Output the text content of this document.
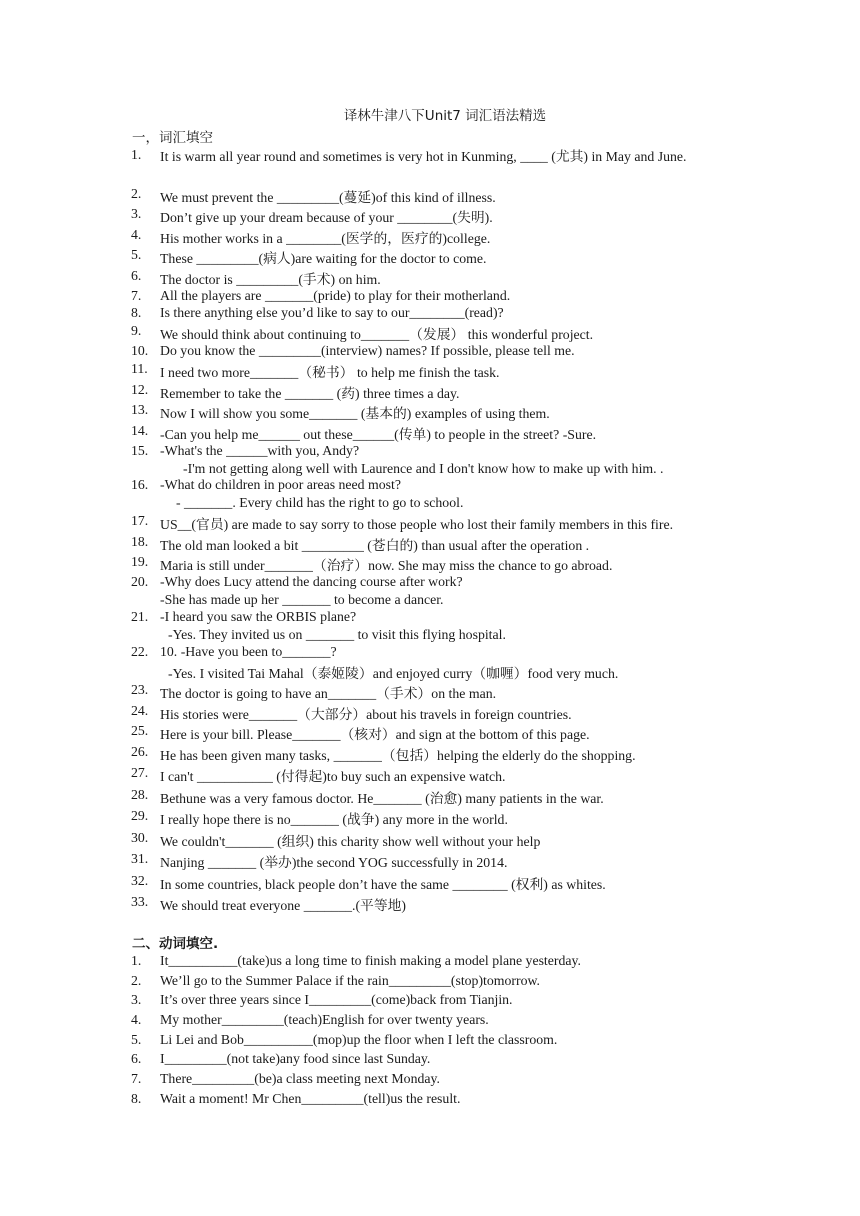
译林牛津八下Unit7 词汇语法精选
一，词汇填空
1. It is warm all year round and sometimes is very hot in Kunming, ____ (尤其) in May and June.
2. We must prevent the _________(蔓延)of this kind of illness.
3. Don’t give up your dream because of your ________(失明).
4. His mother works in a ________(医学的，医疗的)college.
5. These _________(病人)are waiting for the doctor to come.
6. The doctor is _________(手术) on him.
7. All the players are _______(pride) to play for their motherland.
8. Is there anything else you’d like to say to our________(read)?
9. We should think about continuing to_______（发展） this wonderful project.
10. Do you know the _________(interview) names? If possible, please tell me.
11. I need two more_______（秘书） to help me finish the task.
12. Remember to take the _______ (药) three times a day.
13. Now I will show you some_______ (基本的) examples of using them.
14. -Can you help me______ out these______(传单) to people in the street? -Sure.
15. -What's the ______with you, Andy?
-I'm not getting along well with Laurence and I don't know how to make up with him. .
16. -What do children in poor areas need most?
- _______. Every child has the right to go to school.
17. US__(官员) are made to say sorry to those people who lost their family members in this fire.
18. The old man looked a bit _________ (苍白的) than usual after the operation .
19. Maria is still under_______（治疗）now. She may miss the chance to go abroad.
20. -Why does Lucy attend the dancing course after work?
-She has made up her _______ to become a dancer.
21. -I heard you saw the ORBIS plane?
-Yes. They invited us on _______ to visit this flying hospital.
22. 10. -Have you been to_______?
-Yes. I visited Tai Mahal（泰姬陵）and enjoyed curry（咖喱）food very much.
23. The doctor is going to have an_______（手术）on the man.
24. His stories were_______（大部分）about his travels in foreign countries.
25. Here is your bill. Please_______（核对）and sign at the bottom of this page.
26. He has been given many tasks, _______（包括）helping the elderly do the shopping.
27. I can't ___________ (付得起)to buy such an expensive watch.
28. Bethune was a very famous doctor. He_______ (治愈) many patients in the war.
29. I really hope there is no_______ (战争) any more in the world.
30. We couldn't_______ (组织) this charity show well without your help
31. Nanjing _______ (举办)the second YOG successfully in 2014.
32. In some countries, black people don’t have the same ________ (权利) as whites.
33. We should treat everyone _______.(平等地)
二、动词填空.
1. It__________(take)us a long time to finish making a model plane yesterday.
2. We’ll go to the Summer Palace if the rain_________(stop)tomorrow.
3. It’s over three years since I_________(come)back from Tianjin.
4. My mother_________(teach)English for over twenty years.
5. Li Lei and Bob__________(mop)up the floor when I left the classroom.
6. I_________(not take)any food since last Sunday.
7. There_________(be)a class meeting next Monday.
8. Wait a moment! Mr Chen_________(tell)us the result.
